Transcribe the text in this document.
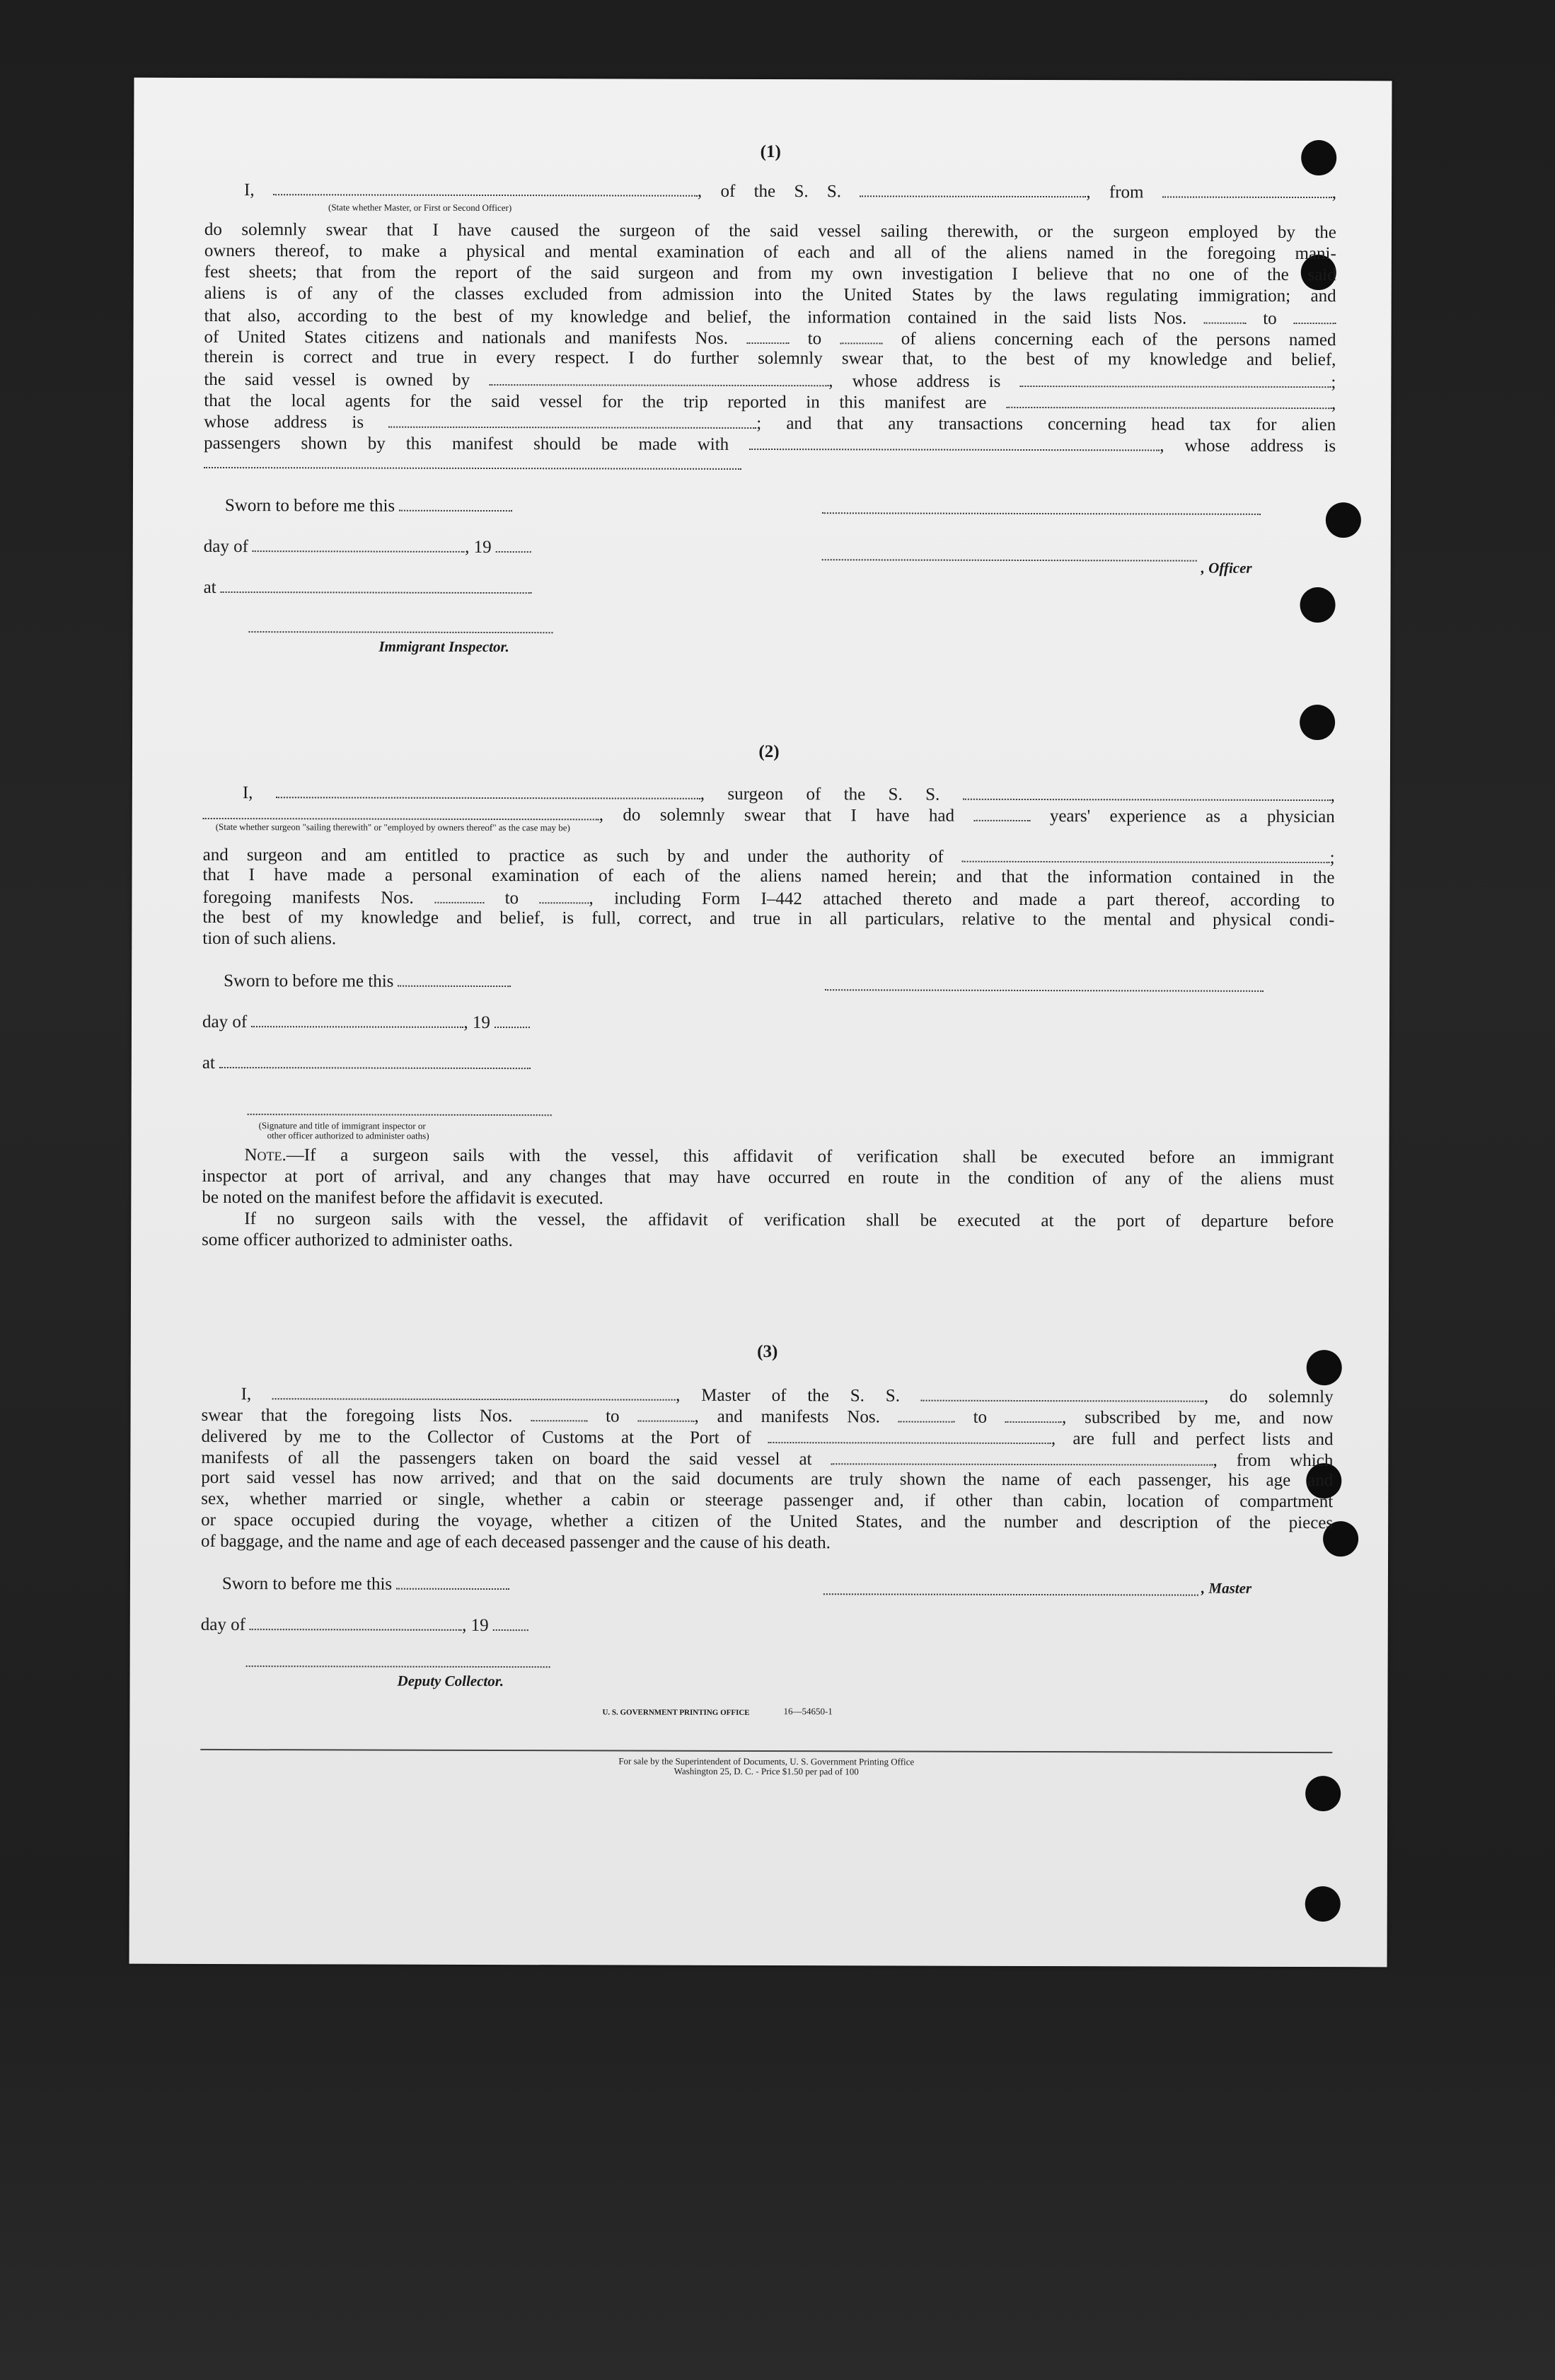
(1)
I,	, of the S. S.	, from	,
(State whether Master, or First or Second Officer)
do solemnly swear that I have caused the surgeon of the said vessel sailing therewith, or the surgeon employed by the
owners thereof, to make a physical and mental examination of each and all of the aliens named in the foregoing mani-
fest sheets; that from the report of the said surgeon and from my own investigation I believe that no one of the said
aliens is of any of the classes excluded from admission into the United States by the laws regulating immigration; and
that also, according to the best of my knowledge and belief, the information contained in the said lists Nos.	to
of United States citizens and nationals and manifests Nos.	to	of aliens concerning each of the persons named
therein is correct and true in every respect. I do further solemnly swear that, to the best of my knowledge and belief,
the said vessel is owned by	, whose address is	;
that the local agents for the said vessel for the trip reported in this manifest are	,
whose address is	; and that any transactions concerning head tax for alien
passengers shown by this manifest should be made with	, whose address is
Sworn to before me this
day of	, 19
, Officer
at
Immigrant Inspector.
(2)
I,	, surgeon of the S. S.	,
, do solemnly swear that I have had	years' experience as a physician
(State whether surgeon "sailing therewith" or "employed by owners thereof" as the case may be)
and surgeon and am entitled to practice as such by and under the authority of	;
that I have made a personal examination of each of the aliens named herein; and that the information contained in the
foregoing manifests Nos.	to	, including Form I–442 attached thereto and made a part thereof, according to
the best of my knowledge and belief, is full, correct, and true in all particulars, relative to the mental and physical condi-
tion of such aliens.
Sworn to before me this
day of	, 19
at
(Signature and title of immigrant inspector or
other officer authorized to administer oaths)
Note.—If a surgeon sails with the vessel, this affidavit of verification shall be executed before an immigrant
inspector at port of arrival, and any changes that may have occurred en route in the condition of any of the aliens must
be noted on the manifest before the affidavit is executed.
If no surgeon sails with the vessel, the affidavit of verification shall be executed at the port of departure before
some officer authorized to administer oaths.
(3)
I,	, Master of the S. S.	, do solemnly
swear that the foregoing lists Nos.	to	, and manifests Nos.	to	, subscribed by me, and now
delivered by me to the Collector of Customs at the Port of	, are full and perfect lists and
manifests of all the passengers taken on board the said vessel at	, from which
port said vessel has now arrived; and that on the said documents are truly shown the name of each passenger, his age and
sex, whether married or single, whether a cabin or steerage passenger and, if other than cabin, location of compartment
or space occupied during the voyage, whether a citizen of the United States, and the number and description of the pieces
of baggage, and the name and age of each deceased passenger and the cause of his death.
Sworn to before me this	, Master
day of	, 19
Deputy Collector.
U. S. GOVERNMENT PRINTING OFFICE	16—54650-1
For sale by the Superintendent of Documents, U. S. Government Printing Office
Washington 25, D. C. - Price $1.50 per pad of 100
